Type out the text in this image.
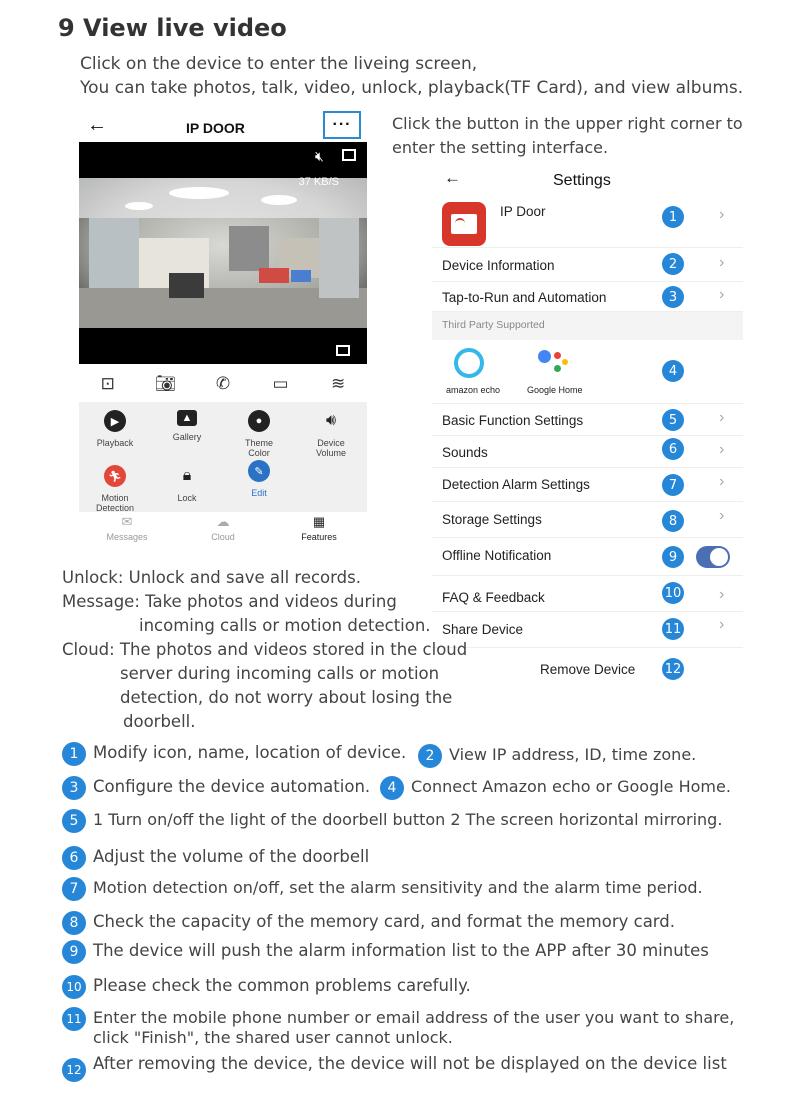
9 View live video
Click on the device to enter the liveing screen,
You can take photos, talk, video, unlock, playback(TF Card), and view albums.
←	IP DOOR	···
🔇︎
37 KB/S
⊡	📷︎	✆	▭	≋
▶
Playback
▲
Gallery
●
Theme
Color
🔊︎
Device
Volume
🏃︎
Motion
Detection
🔒︎
Lock
✎
Edit
✉
Messages
☁
Cloud
▦
Features
Click the button in the upper right corner to
enter the setting interface.
←	Settings
IP Door	1	›
Device Information	2	›
Tap-to-Run and Automation	3	›
Third Party Supported
amazon echo	Google Home
4
Basic Function Settings	5	›
Sounds	6	›
Detection Alarm Settings	7	›
Storage Settings	8	›
Offline Notification	9
FAQ & Feedback	10 ›
Share Device	11 ›
Remove Device 12
Unlock: Unlock and save all records.
Message: Take photos and videos during
incoming calls or motion detection.
Cloud: The photos and videos stored in the cloud
server during incoming calls or motion
detection, do not worry about losing the
doorbell.
1 Modify icon, name, location of device.	2 View IP address, ID, time zone.
3 Configure the device automation.	4 Connect Amazon echo or Google Home.
5 1 Turn on/off the light of the doorbell button 2 The screen horizontal mirroring.
6 Adjust the volume of the doorbell
7 Motion detection on/off, set the alarm sensitivity and the alarm time period.
8 Check the capacity of the memory card, and format the memory card.
9 The device will push the alarm information list to the APP after 30 minutes
10 Please check the common problems carefully.
11 Enter the mobile phone number or email address of the user you want to share,
click "Finish", the shared user cannot unlock.
12 After removing the device, the device will not be displayed on the device list
